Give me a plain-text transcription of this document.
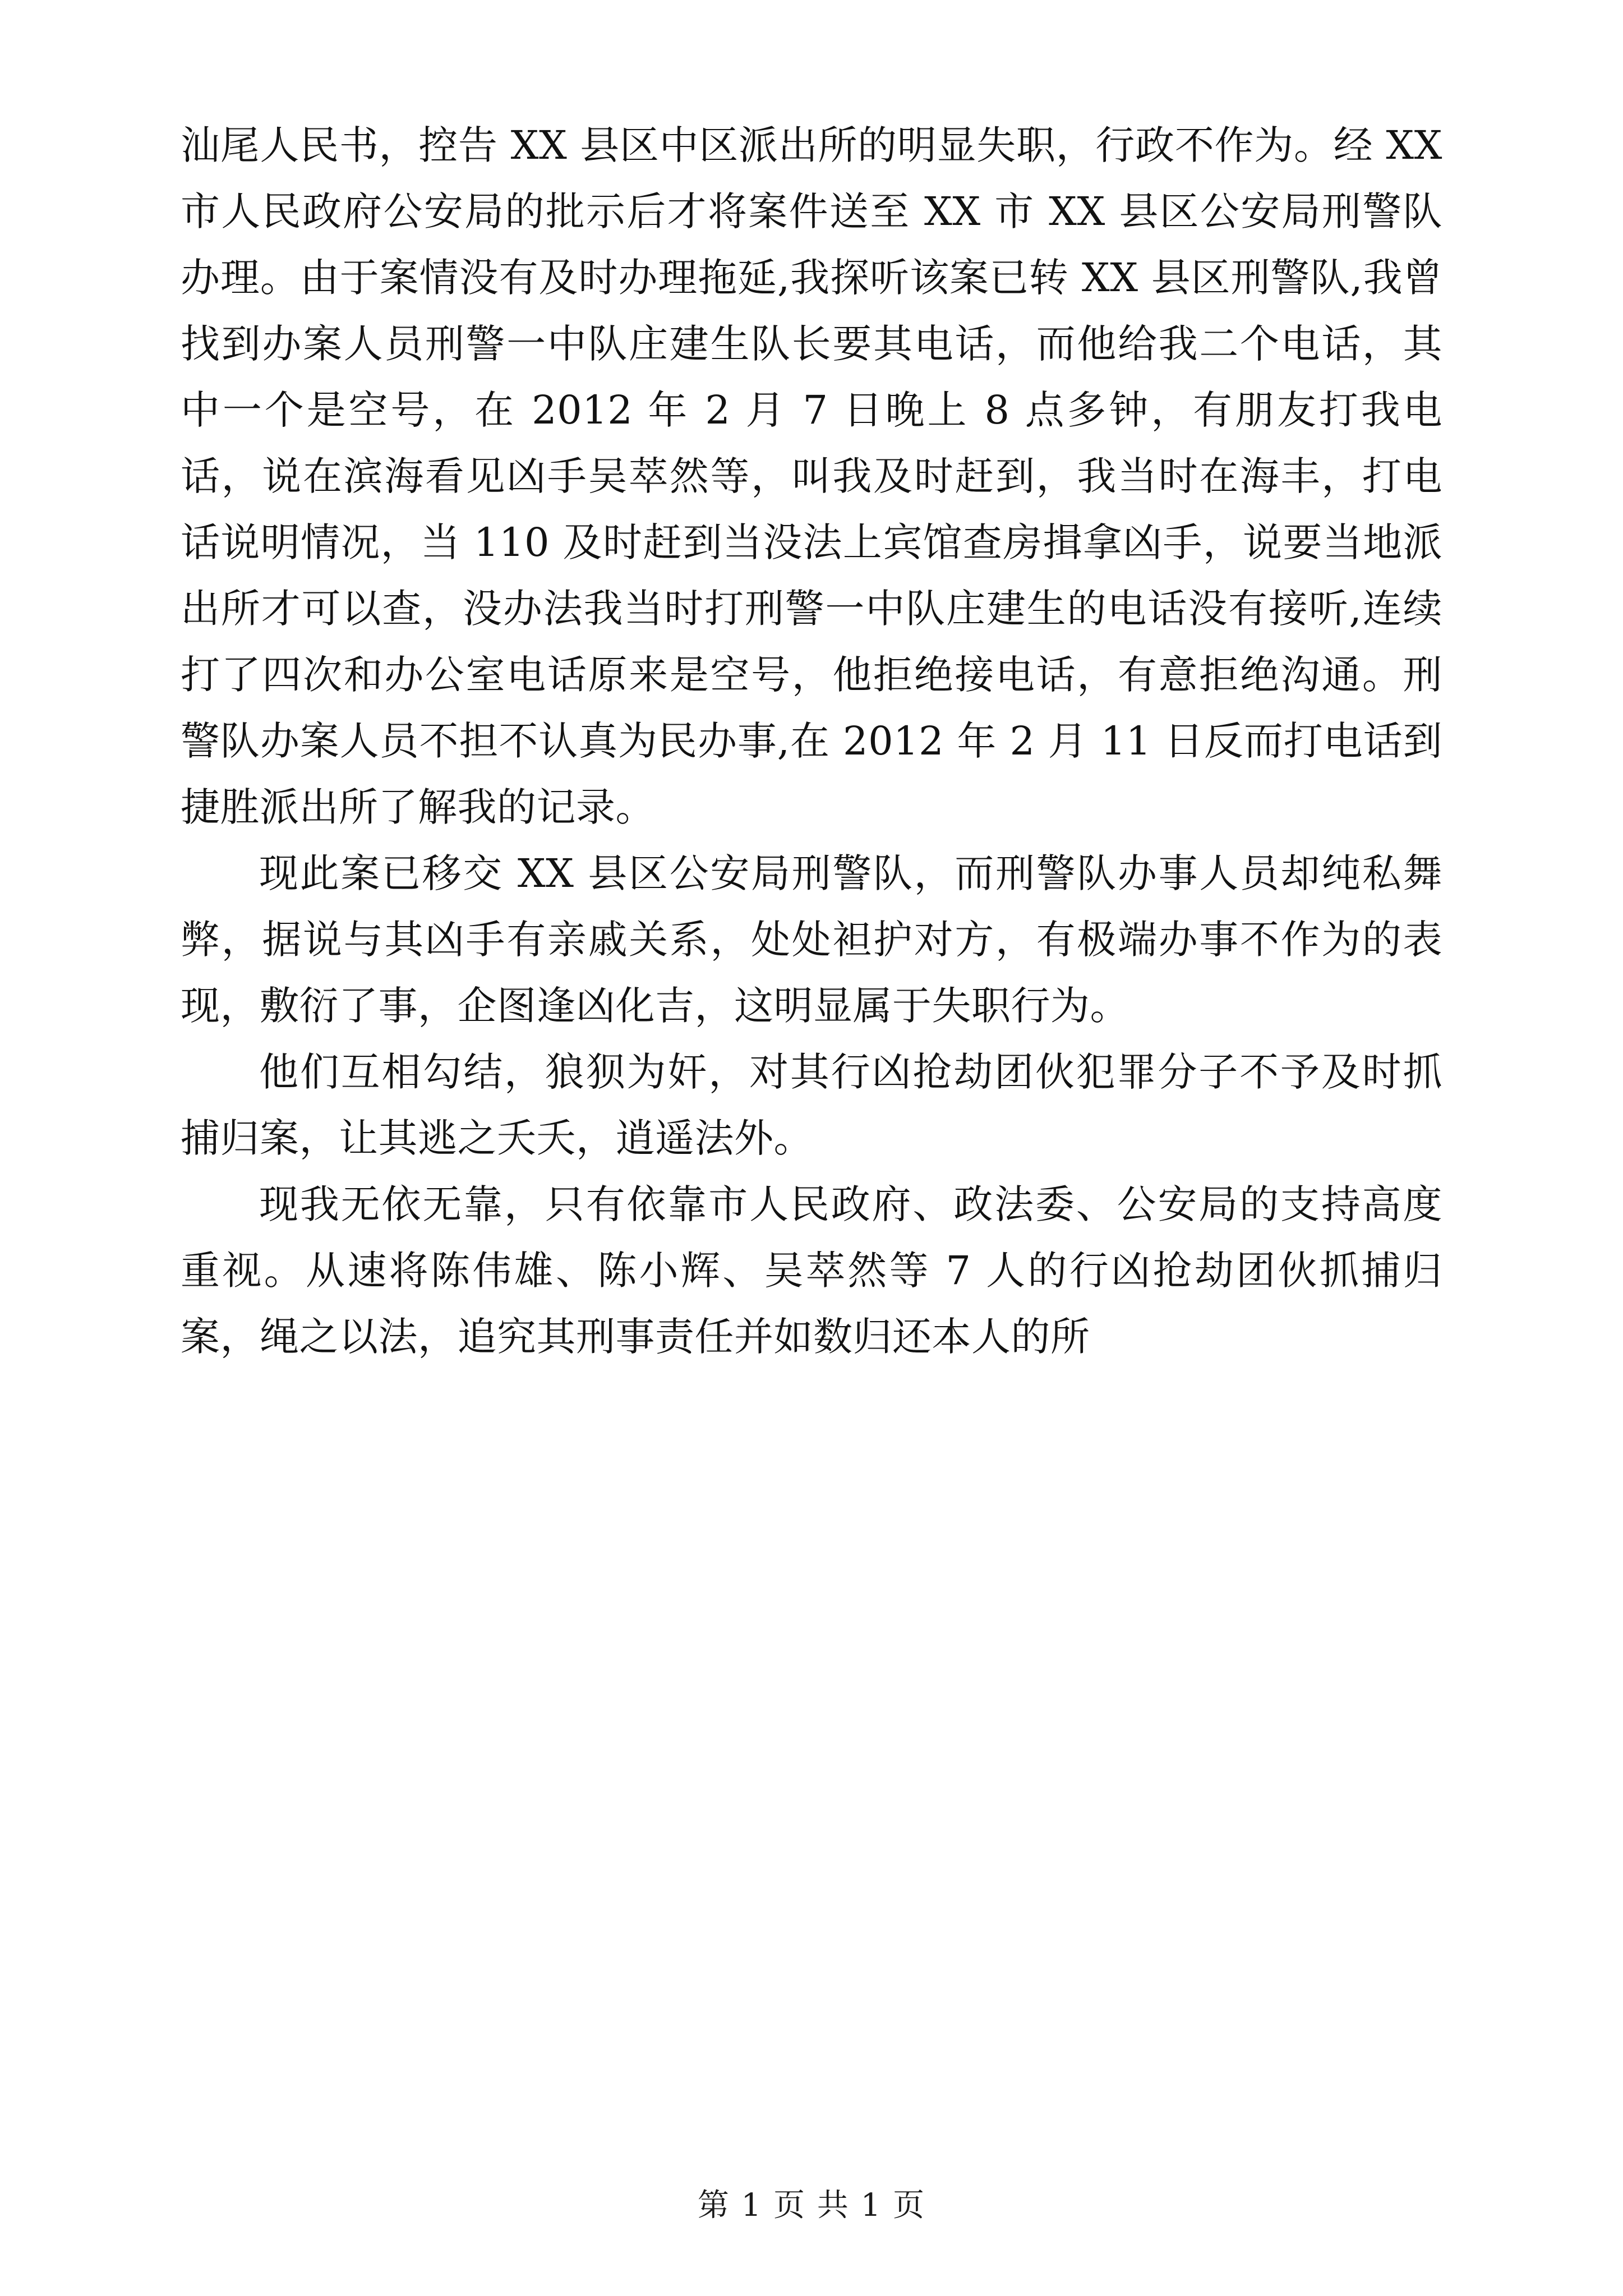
汕尾人民书，控告 XX 县区中区派出所的明显失职，行政不作为。经 XX 市人民政府公安局的批示后才将案件送至 XX 市 XX 县区公安局刑警队办理。由于案情没有及时办理拖延,我探听该案已转 XX 县区刑警队,我曾找到办案人员刑警一中队庄建生队长要其电话，而他给我二个电话，其中一个是空号，在 2012 年 2 月 7 日晚上 8 点多钟，有朋友打我电话，说在滨海看见凶手吴萃然等，叫我及时赶到，我当时在海丰，打电话说明情况，当 110 及时赶到当没法上宾馆查房揖拿凶手，说要当地派出所才可以查，没办法我当时打刑警一中队庄建生的电话没有接听,连续打了四次和办公室电话原来是空号，他拒绝接电话，有意拒绝沟通。刑警队办案人员不担不认真为民办事,在 2012 年 2 月 11 日反而打电话到捷胜派出所了解我的记录。

现此案已移交 XX 县区公安局刑警队，而刑警队办事人员却纯私舞弊，据说与其凶手有亲戚关系，处处袒护对方，有极端办事不作为的表现，敷衍了事，企图逢凶化吉，这明显属于失职行为。

他们互相勾结，狼狈为奸，对其行凶抢劫团伙犯罪分子不予及时抓捕归案，让其逃之夭夭，逍遥法外。

现我无依无靠，只有依靠市人民政府、政法委、公安局的支持高度重视。从速将陈伟雄、陈小辉、吴萃然等 7 人的行凶抢劫团伙抓捕归案，绳之以法，追究其刑事责任并如数归还本人的所

第 1 页 共 1 页
